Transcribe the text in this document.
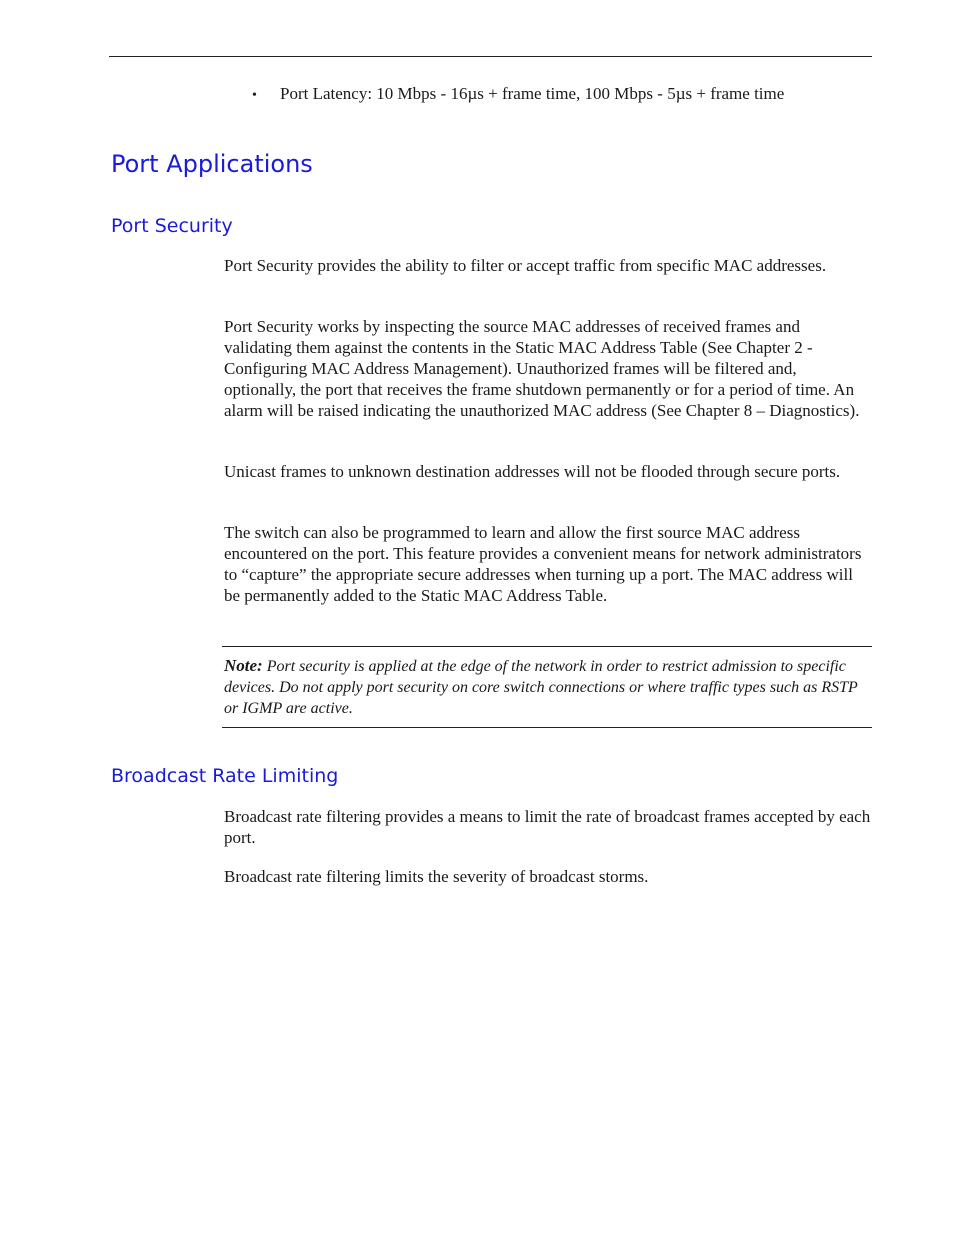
• Port Latency: 10 Mbps - 16µs + frame time, 100 Mbps - 5µs + frame time
Port Applications
Port Security

Port Security provides the ability to filter or accept traffic from specific MAC addresses.

Port Security works by inspecting the source MAC addresses of received frames and validating them against the contents in the Static MAC Address Table (See Chapter 2 - Configuring MAC Address Management). Unauthorized frames will be filtered and, optionally, the port that receives the frame shutdown permanently or for a period of time. An alarm will be raised indicating the unauthorized MAC address (See Chapter 8 – Diagnostics).

Unicast frames to unknown destination addresses will not be flooded through secure ports.

The switch can also be programmed to learn and allow the first source MAC address encountered on the port. This feature provides a convenient means for network administrators to “capture” the appropriate secure addresses when turning up a port. The MAC address will be permanently added to the Static MAC Address Table.

Note: Port security is applied at the edge of the network in order to restrict admission to specific devices. Do not apply port security on core switch connections or where traffic types such as RSTP or IGMP are active.

Broadcast Rate Limiting

Broadcast rate filtering provides a means to limit the rate of broadcast frames accepted by each port.

Broadcast rate filtering limits the severity of broadcast storms.
